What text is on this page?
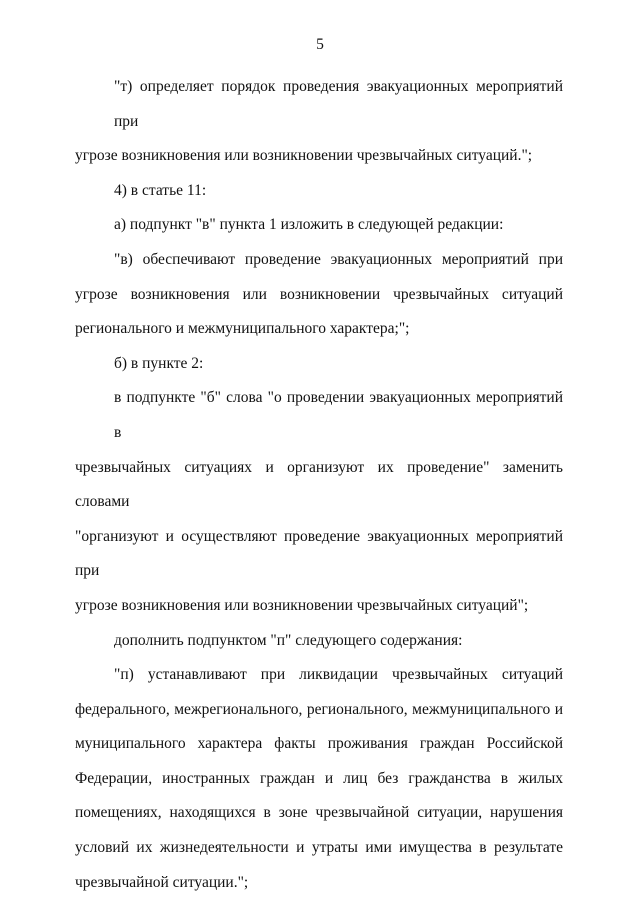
5
"т) определяет порядок проведения эвакуационных мероприятий при
угрозе возникновения или возникновении чрезвычайных ситуаций.";
4) в статье 11:
а) подпункт "в" пункта 1 изложить в следующей редакции:
"в) обеспечивают проведение эвакуационных мероприятий при
угрозе возникновения или возникновении чрезвычайных ситуаций
регионального и межмуниципального характера;";
б) в пункте 2:
в подпункте "б" слова "о проведении эвакуационных мероприятий в
чрезвычайных ситуациях и организуют их проведение" заменить словами
"организуют и осуществляют проведение эвакуационных мероприятий при
угрозе возникновения или возникновении чрезвычайных ситуаций";
дополнить подпунктом "п" следующего содержания:
"п) устанавливают при ликвидации чрезвычайных ситуаций
федерального, межрегионального, регионального, межмуниципального и
муниципального характера факты проживания граждан Российской
Федерации, иностранных граждан и лиц без гражданства в жилых
помещениях, находящихся в зоне чрезвычайной ситуации, нарушения
условий их жизнедеятельности и утраты ими имущества в результате
чрезвычайной ситуации.";
